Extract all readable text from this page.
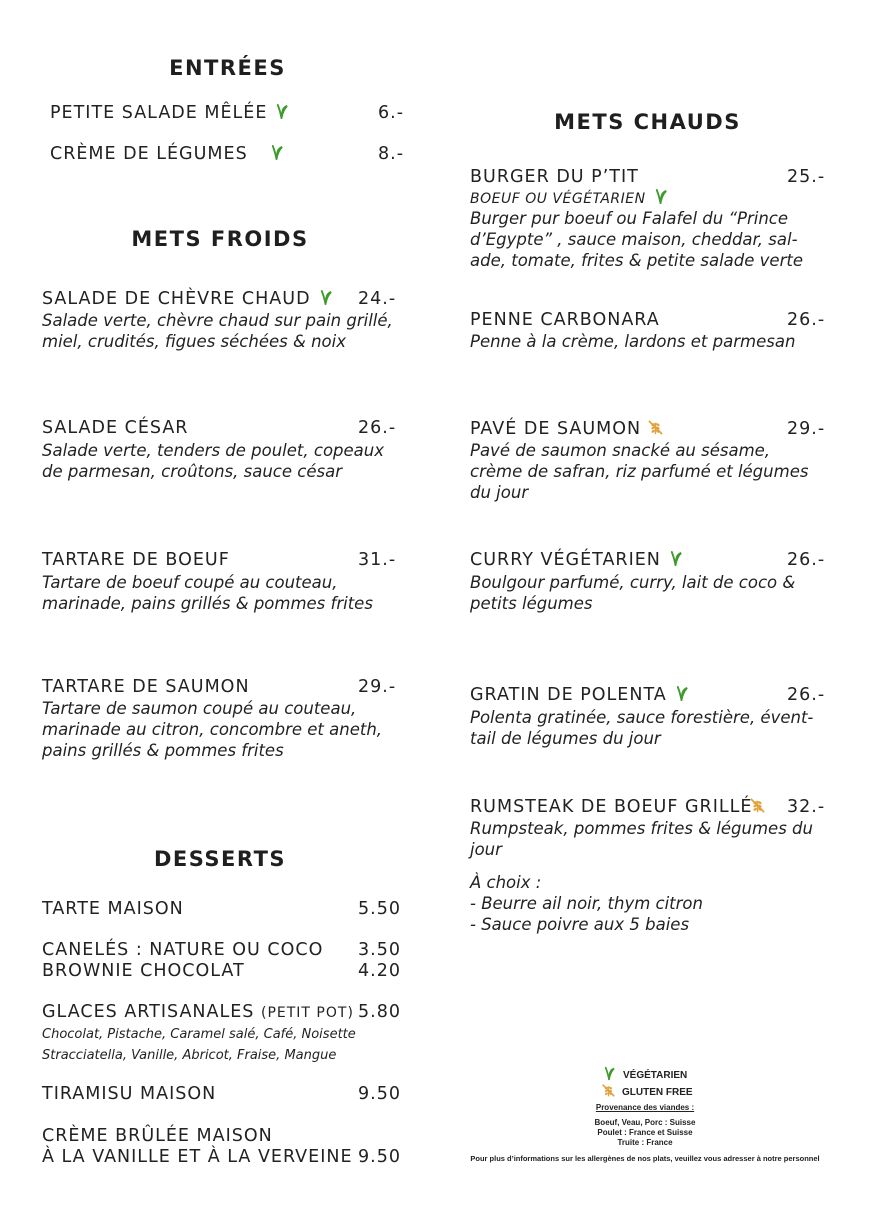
ENTRÉES
PETITE SALADE MÊLÉE	6.-
CRÈME DE LÉGUMES	8.-
METS FROIDS
SALADE DE CHÈVRE CHAUD	24.-
Salade verte, chèvre chaud sur pain grillé,
miel, crudités, figues séchées & noix
SALADE CÉSAR	26.-
Salade verte, tenders de poulet, copeaux
de parmesan, croûtons, sauce césar
TARTARE DE BOEUF	31.-
Tartare de boeuf coupé au couteau,
marinade, pains grillés & pommes frites
TARTARE DE SAUMON	29.-
Tartare de saumon coupé au couteau,
marinade au citron, concombre et aneth,
pains grillés & pommes frites
DESSERTS
TARTE MAISON	5.50
CANELÉS : NATURE OU COCO 3.50
BROWNIE CHOCOLAT	4.20
GLACES ARTISANALES (PETIT POT) 5.80
Chocolat, Pistache, Caramel salé, Café, Noisette
Stracciatella, Vanille, Abricot, Fraise, Mangue
TIRAMISU MAISON	9.50
CRÈME BRÛLÉE MAISON
À LA VANILLE ET À LA VERVEINE 9.50
METS CHAUDS
BURGER DU P’TIT	25.-
BOEUF OU VÉGÉTARIEN
Burger pur boeuf ou Falafel du “Prince
d’Egypte” , sauce maison, cheddar, sal-
ade, tomate, frites & petite salade verte
PENNE CARBONARA	26.-
Penne à la crème, lardons et parmesan
PAVÉ DE SAUMON	29.-
Pavé de saumon snacké au sésame,
crème de safran, riz parfumé et légumes
du jour
CURRY VÉGÉTARIEN	26.-
Boulgour parfumé, curry, lait de coco &
petits légumes
GRATIN DE POLENTA	26.-
Polenta gratinée, sauce forestière, évent-
tail de légumes du jour
RUMSTEAK DE BOEUF GRILLÉ	32.-
Rumpsteak, pommes frites & légumes du
jour
À choix :
- Beurre ail noir, thym citron
- Sauce poivre aux 5 baies
VÉGÉTARIEN
GLUTEN FREE
Provenance des viandes :
Boeuf, Veau, Porc : Suisse
Poulet : France et Suisse
Truite : France
Pour plus d’informations sur les allergènes de nos plats, veuillez vous adresser à notre personnel
